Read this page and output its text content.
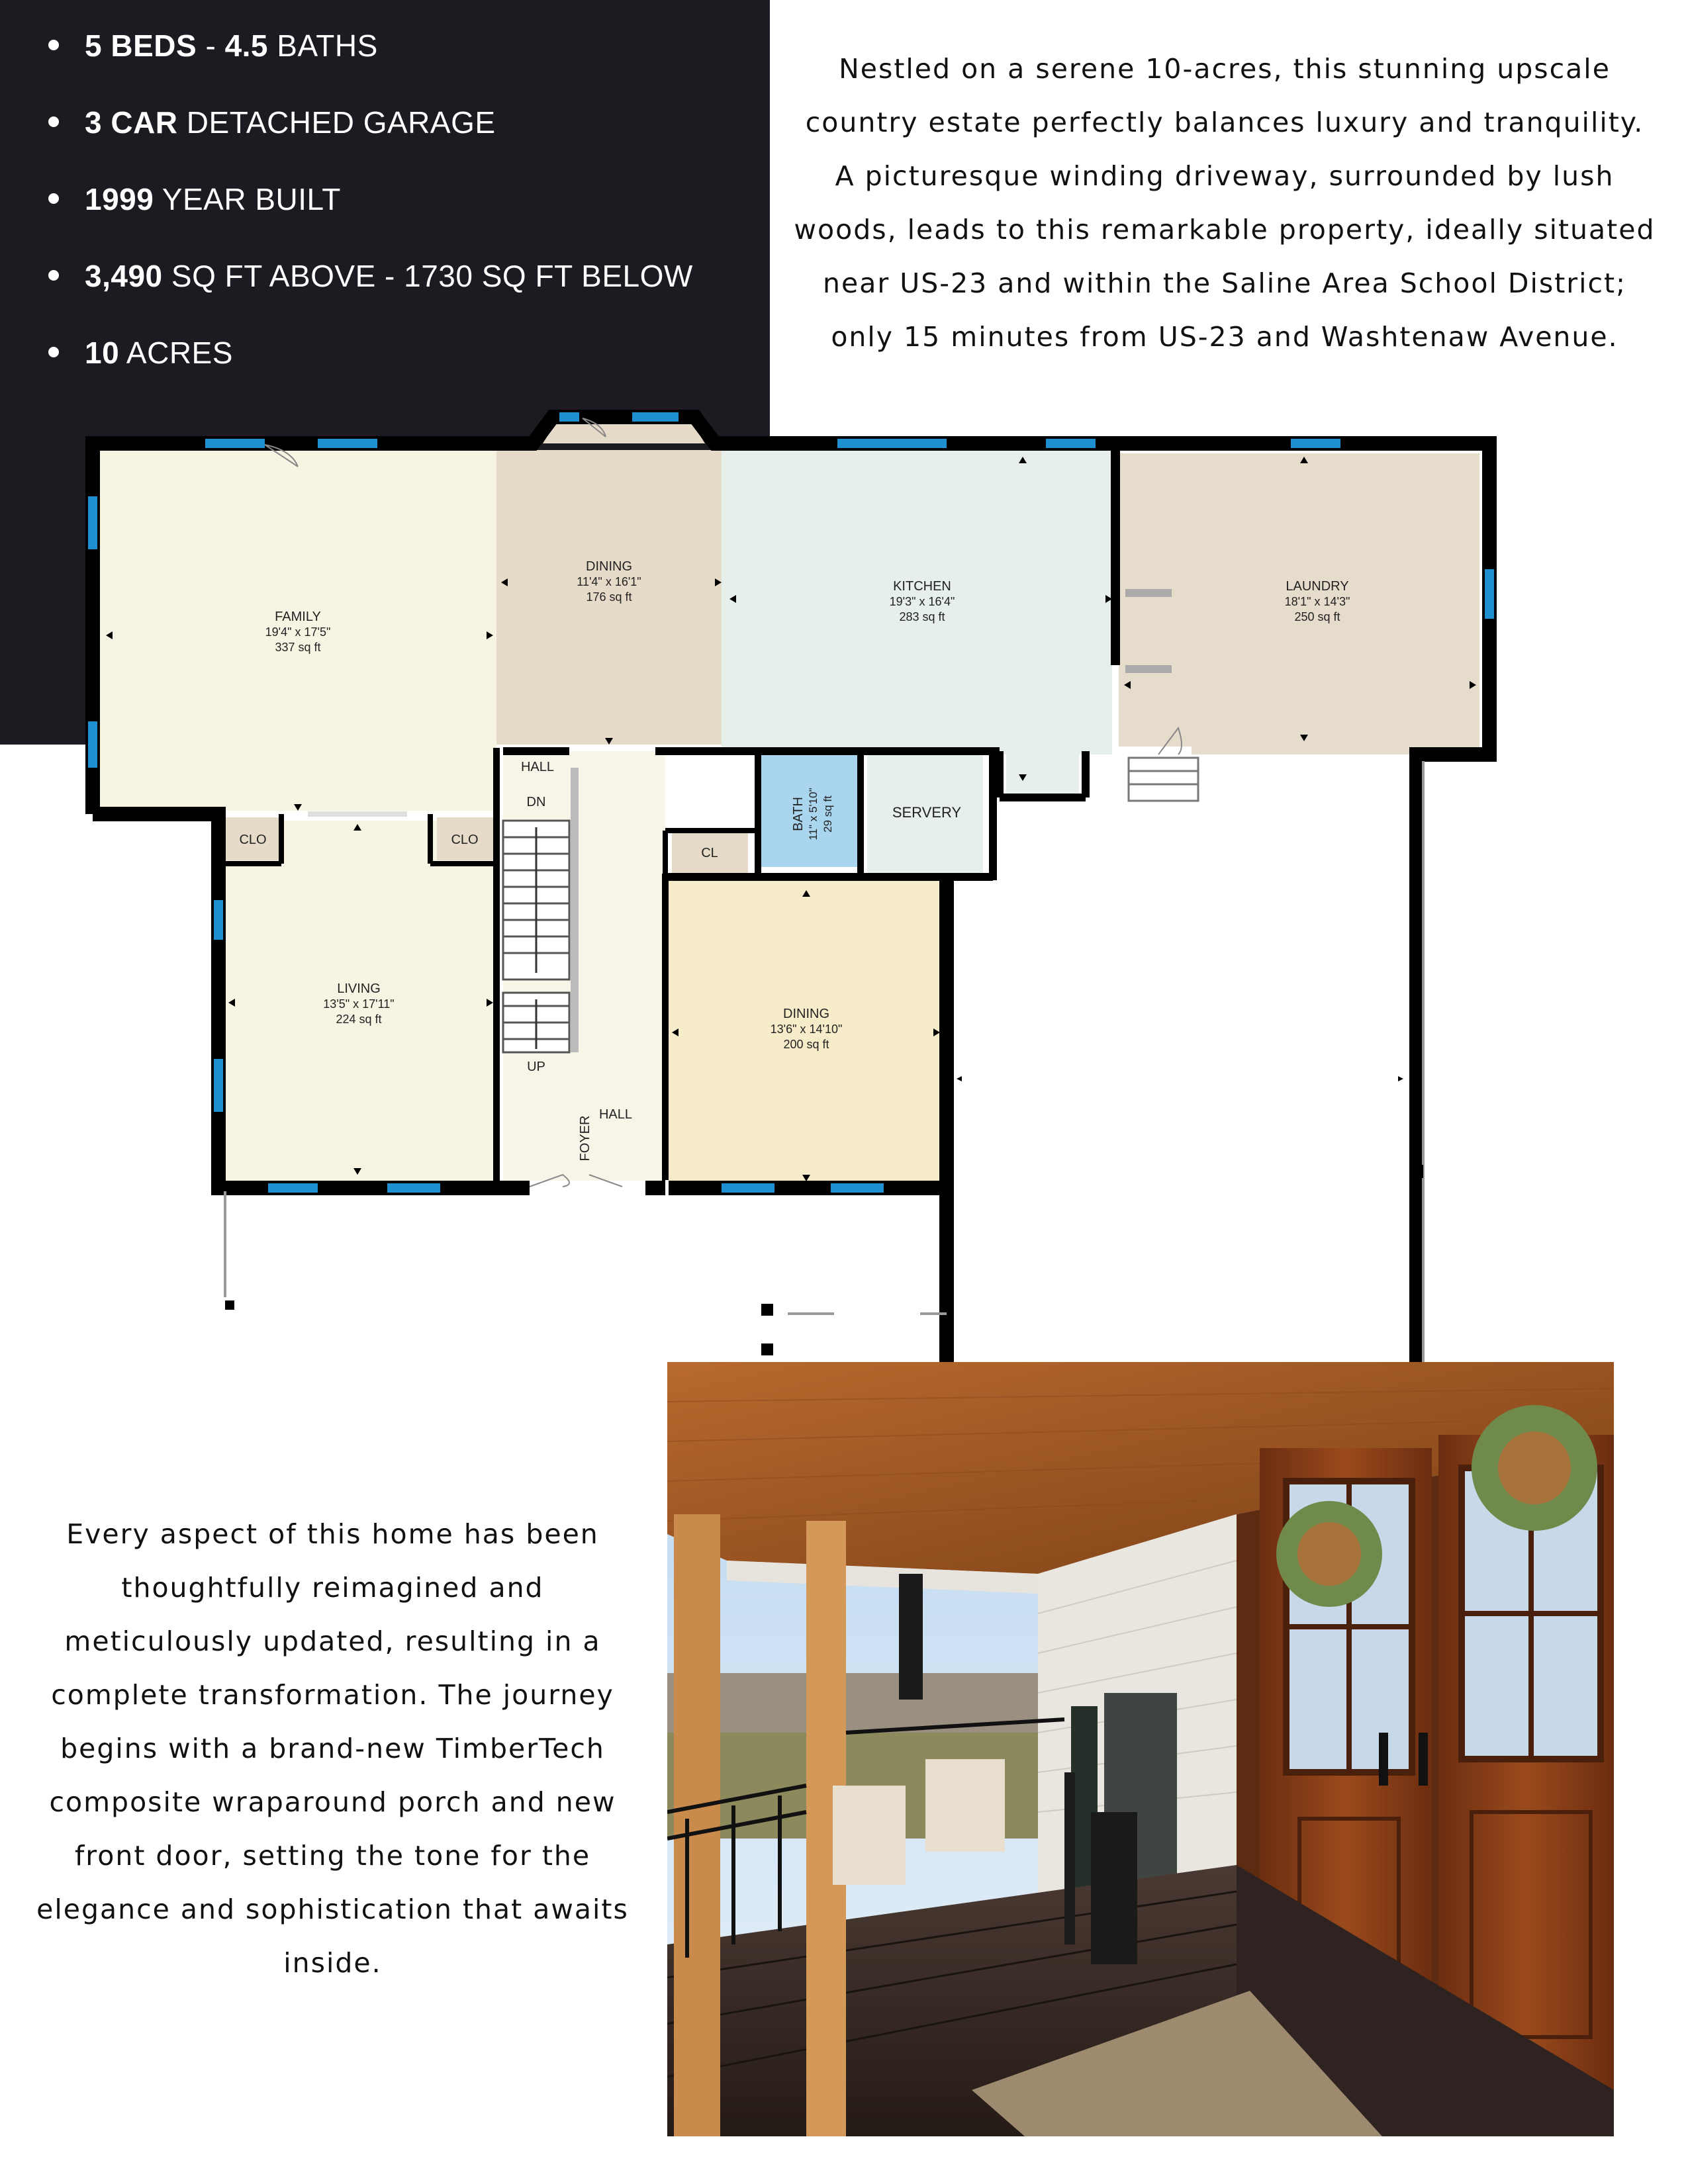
5 BEDS - 4.5 BATHS
3 CAR DETACHED GARAGE
1999 YEAR BUILT
3,490 SQ FT ABOVE - 1730 SQ FT BELOW
10 ACRES

Nestled on a serene 10-acres, this stunning upscale country estate perfectly balances luxury and tranquility. A picturesque winding driveway, surrounded by lush woods, leads to this remarkable property, ideally situated near US-23 and within the Saline Area School District; only 15 minutes from US-23 and Washtenaw Avenue.

FAMILY
19'4" x 17'5"
337 sq ft
DINING
11'4" x 16'1"
176 sq ft
KITCHEN
19'3" x 16'4"
283 sq ft
LAUNDRY
18'1" x 14'3"
250 sq ft
LIVING
13'5" x 17'11"
224 sq ft	DINING
13'6" x 14'10"
200 sq ft
BATH 11" x 5'10" 29 sq ft	SERVERY
HALL
DN
UP
HALL
FOYER
CLO	CLO
CL

Every aspect of this home has been thoughtfully reimagined and meticulously updated, resulting in a complete transformation. The journey begins with a brand-new TimberTech composite wraparound porch and new front door, setting the tone for the elegance and sophistication that awaits inside.
